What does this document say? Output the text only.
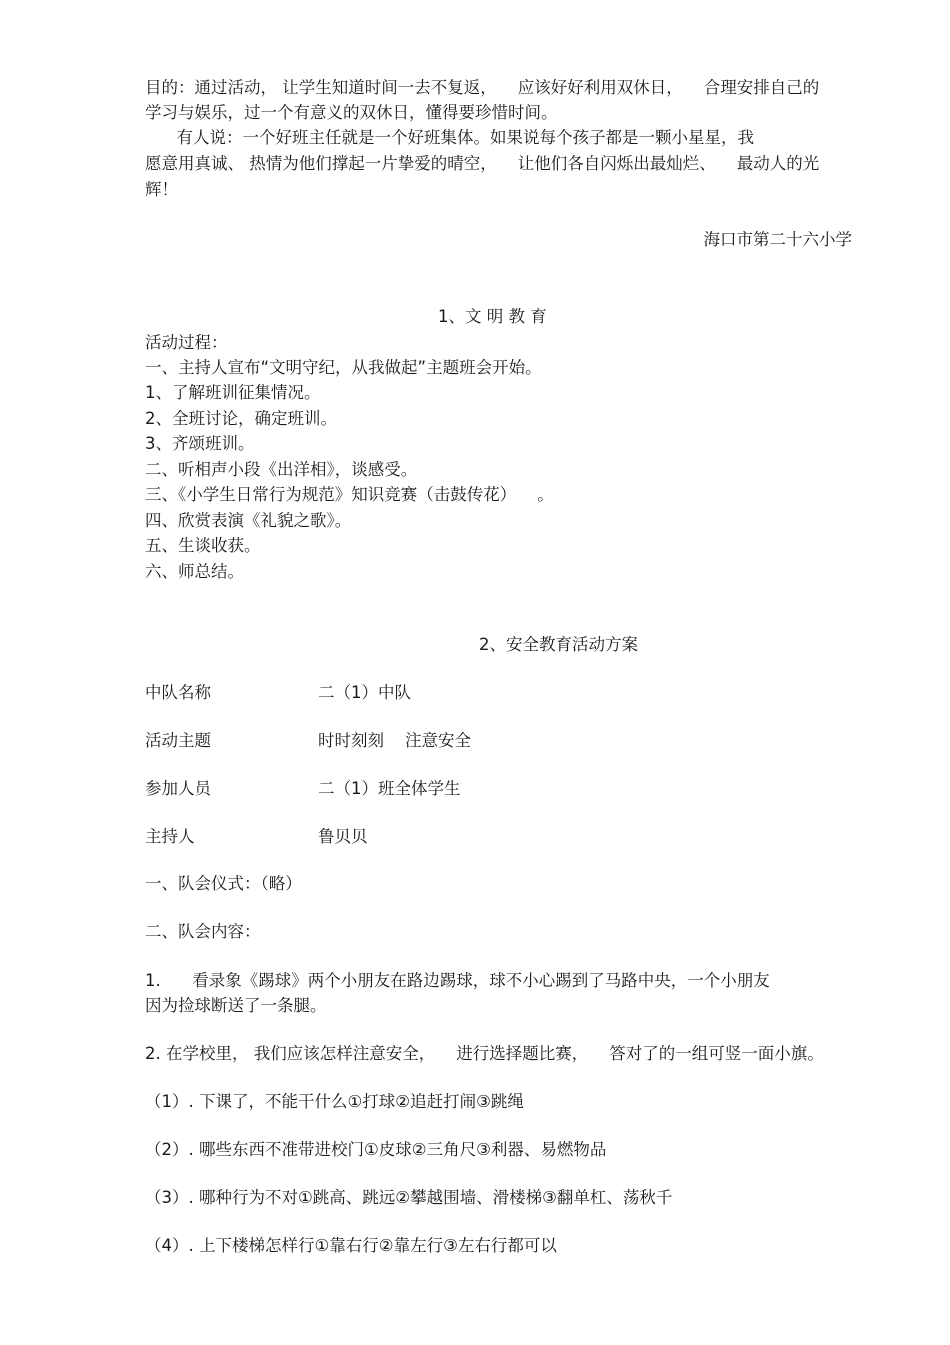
目的：通过活动， 让学生知道时间一去不复返，    应该好好利用双休日，    合理安排自己的
学习与娱乐，过一个有意义的双休日，懂得要珍惜时间。
有人说：一个好班主任就是一个好班集体。如果说每个孩子都是一颗小星星，我
愿意用真诚、 热情为他们撑起一片挚爱的晴空，    让他们各自闪烁出最灿烂、    最动人的光
辉！
海口市第二十六小学
1、文 明 教 育
活动过程：
一、主持人宣布“文明守纪，从我做起”主题班会开始。
1、了解班训征集情况。
2、全班讨论，确定班训。
3、齐颂班训。
二、听相声小段《出洋相》，谈感受。
三、《小学生日常行为规范》知识竞赛（击鼓传花）    。
四、欣赏表演《礼貌之歌》。
五、生谈收获。
六、师总结。
2、安全教育活动方案
中队名称	二（1）中队
活动主题	时时刻刻    注意安全
参加人员	二（1）班全体学生
主持人	鲁贝贝
一、队会仪式：（略）
二、队会内容：
1.      看录象《踢球》两个小朋友在路边踢球，球不小心踢到了马路中央，一个小朋友
因为捡球断送了一条腿。
2. 在学校里， 我们应该怎样注意安全，    进行选择题比赛，    答对了的一组可竖一面小旗。
（1）. 下课了，不能干什么①打球②追赶打闹③跳绳
（2）. 哪些东西不准带进校门①皮球②三角尺③利器、易燃物品
（3）. 哪种行为不对①跳高、跳远②攀越围墙、滑楼梯③翻单杠、荡秋千
（4）. 上下楼梯怎样行①靠右行②靠左行③左右行都可以
